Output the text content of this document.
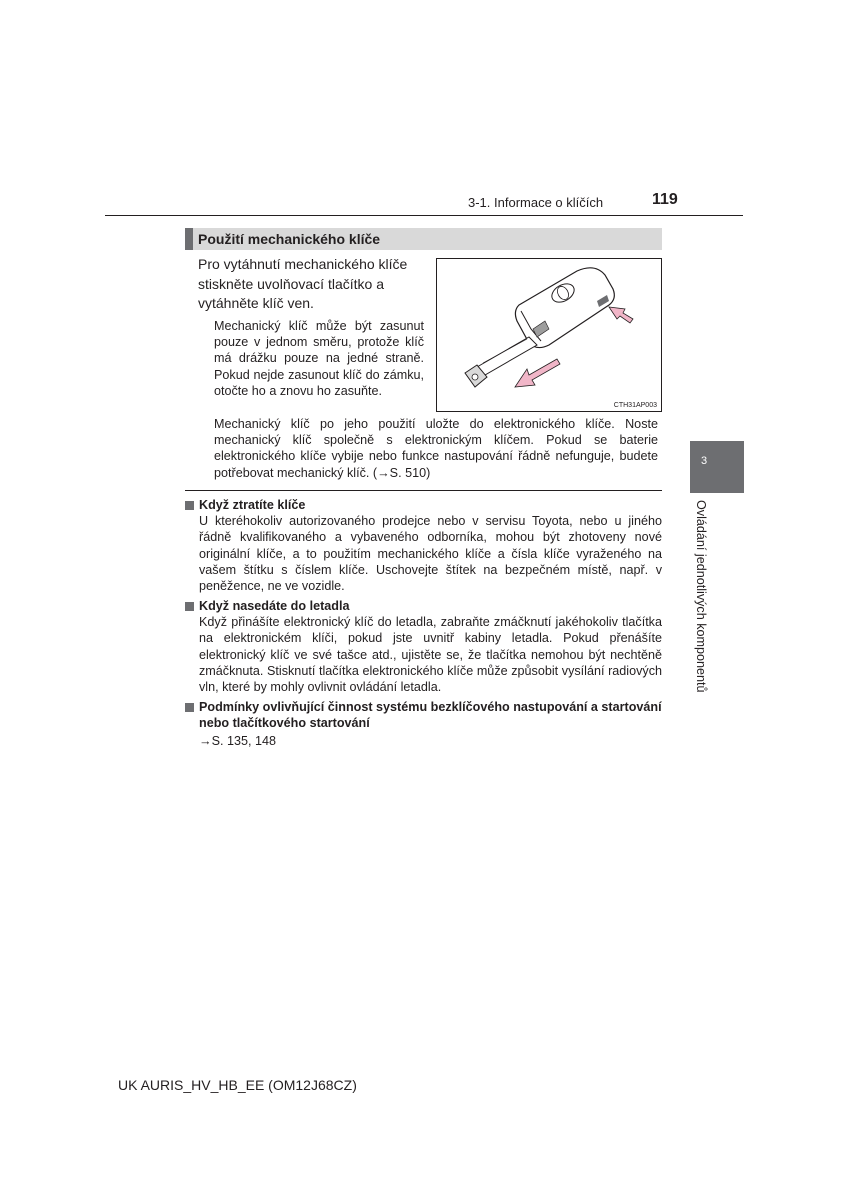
3-1. Informace o klíčích	119
Použití mechanického klíče
Pro vytáhnutí mechanického klíče stiskněte uvolňovací tlačítko a vytáhněte klíč ven.
Mechanický klíč může být zasunut pouze v jednom směru, protože klíč má drážku pouze na jedné straně. Pokud nejde zasunout klíč do zámku, otočte ho a znovu ho zasuňte.
CTH31AP003
Mechanický klíč po jeho použití uložte do elektronického klíče. Noste mechanický klíč společně s elektronickým klíčem. Pokud se baterie elektronického klíče vybije nebo funkce nastupování řádně nefunguje, budete potřebovat mechanický klíč. (→S. 510)
Když ztratíte klíče
U kteréhokoliv autorizovaného prodejce nebo v servisu Toyota, nebo u jiného řádně kvalifikovaného a vybaveného odborníka, mohou být zhotoveny nové originální klíče, a to použitím mechanického klíče a čísla klíče vyraženého na vašem štítku s číslem klíče. Uschovejte štítek na bezpečném místě, např. v peněžence, ne ve vozidle.
Když nasedáte do letadla
Když přinášíte elektronický klíč do letadla, zabraňte zmáčknutí jakéhokoliv tlačítka na elektronickém klíči, pokud jste uvnitř kabiny letadla. Pokud přenášíte elektronický klíč ve své tašce atd., ujistěte se, že tlačítka nemohou být nechtěně zmáčknuta. Stisknutí tlačítka elektronického klíče může způsobit vysílání radiových vln, které by mohly ovlivnit ovládání letadla.
Podmínky ovlivňující činnost systému bezklíčového nastupování a startování nebo tlačítkového startování
→S. 135, 148
3
Ovládání jednotlivých komponentů
UK AURIS_HV_HB_EE (OM12J68CZ)
